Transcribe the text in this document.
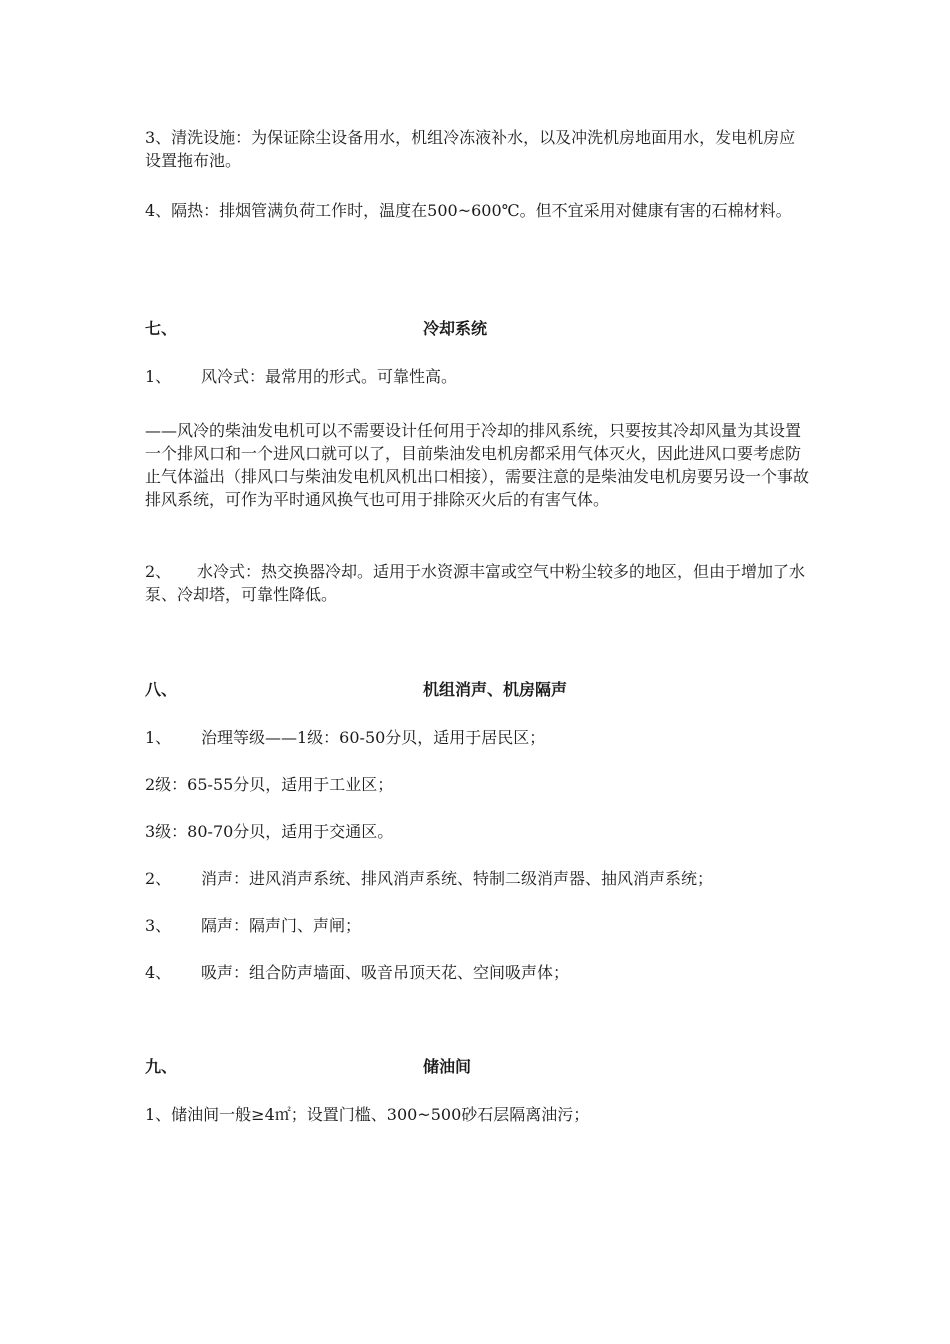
3、清洗设施：为保证除尘设备用水，机组冷冻液补水，以及冲洗机房地面用水，发电机房应设置拖布池。

4、隔热：排烟管满负荷工作时，温度在500~600℃。但不宜采用对健康有害的石棉材料。

七、	冷却系统
1、 风冷式：最常用的形式。可靠性高。

——风冷的柴油发电机可以不需要设计任何用于冷却的排风系统，只要按其冷却风量为其设置一个排风口和一个进风口就可以了，目前柴油发电机房都采用气体灭火，因此进风口要考虑防止气体溢出（排风口与柴油发电机风机出口相接），需要注意的是柴油发电机房要另设一个事故排风系统，可作为平时通风换气也可用于排除灭火后的有害气体。

2、 水冷式：热交换器冷却。适用于水资源丰富或空气中粉尘较多的地区，但由于增加了水泵、冷却塔，可靠性降低。
八、	机组消声、机房隔声
1、 治理等级——1级：60-50分贝，适用于居民区；
2级：65-55分贝，适用于工业区；
3级：80-70分贝，适用于交通区。
2、 消声：进风消声系统、排风消声系统、特制二级消声器、抽风消声系统；
3、 隔声：隔声门、声闸；
4、 吸声：组合防声墙面、吸音吊顶天花、空间吸声体；
九、	储油间
1、储油间一般≥4㎡；设置门槛、300~500砂石层隔离油污；
